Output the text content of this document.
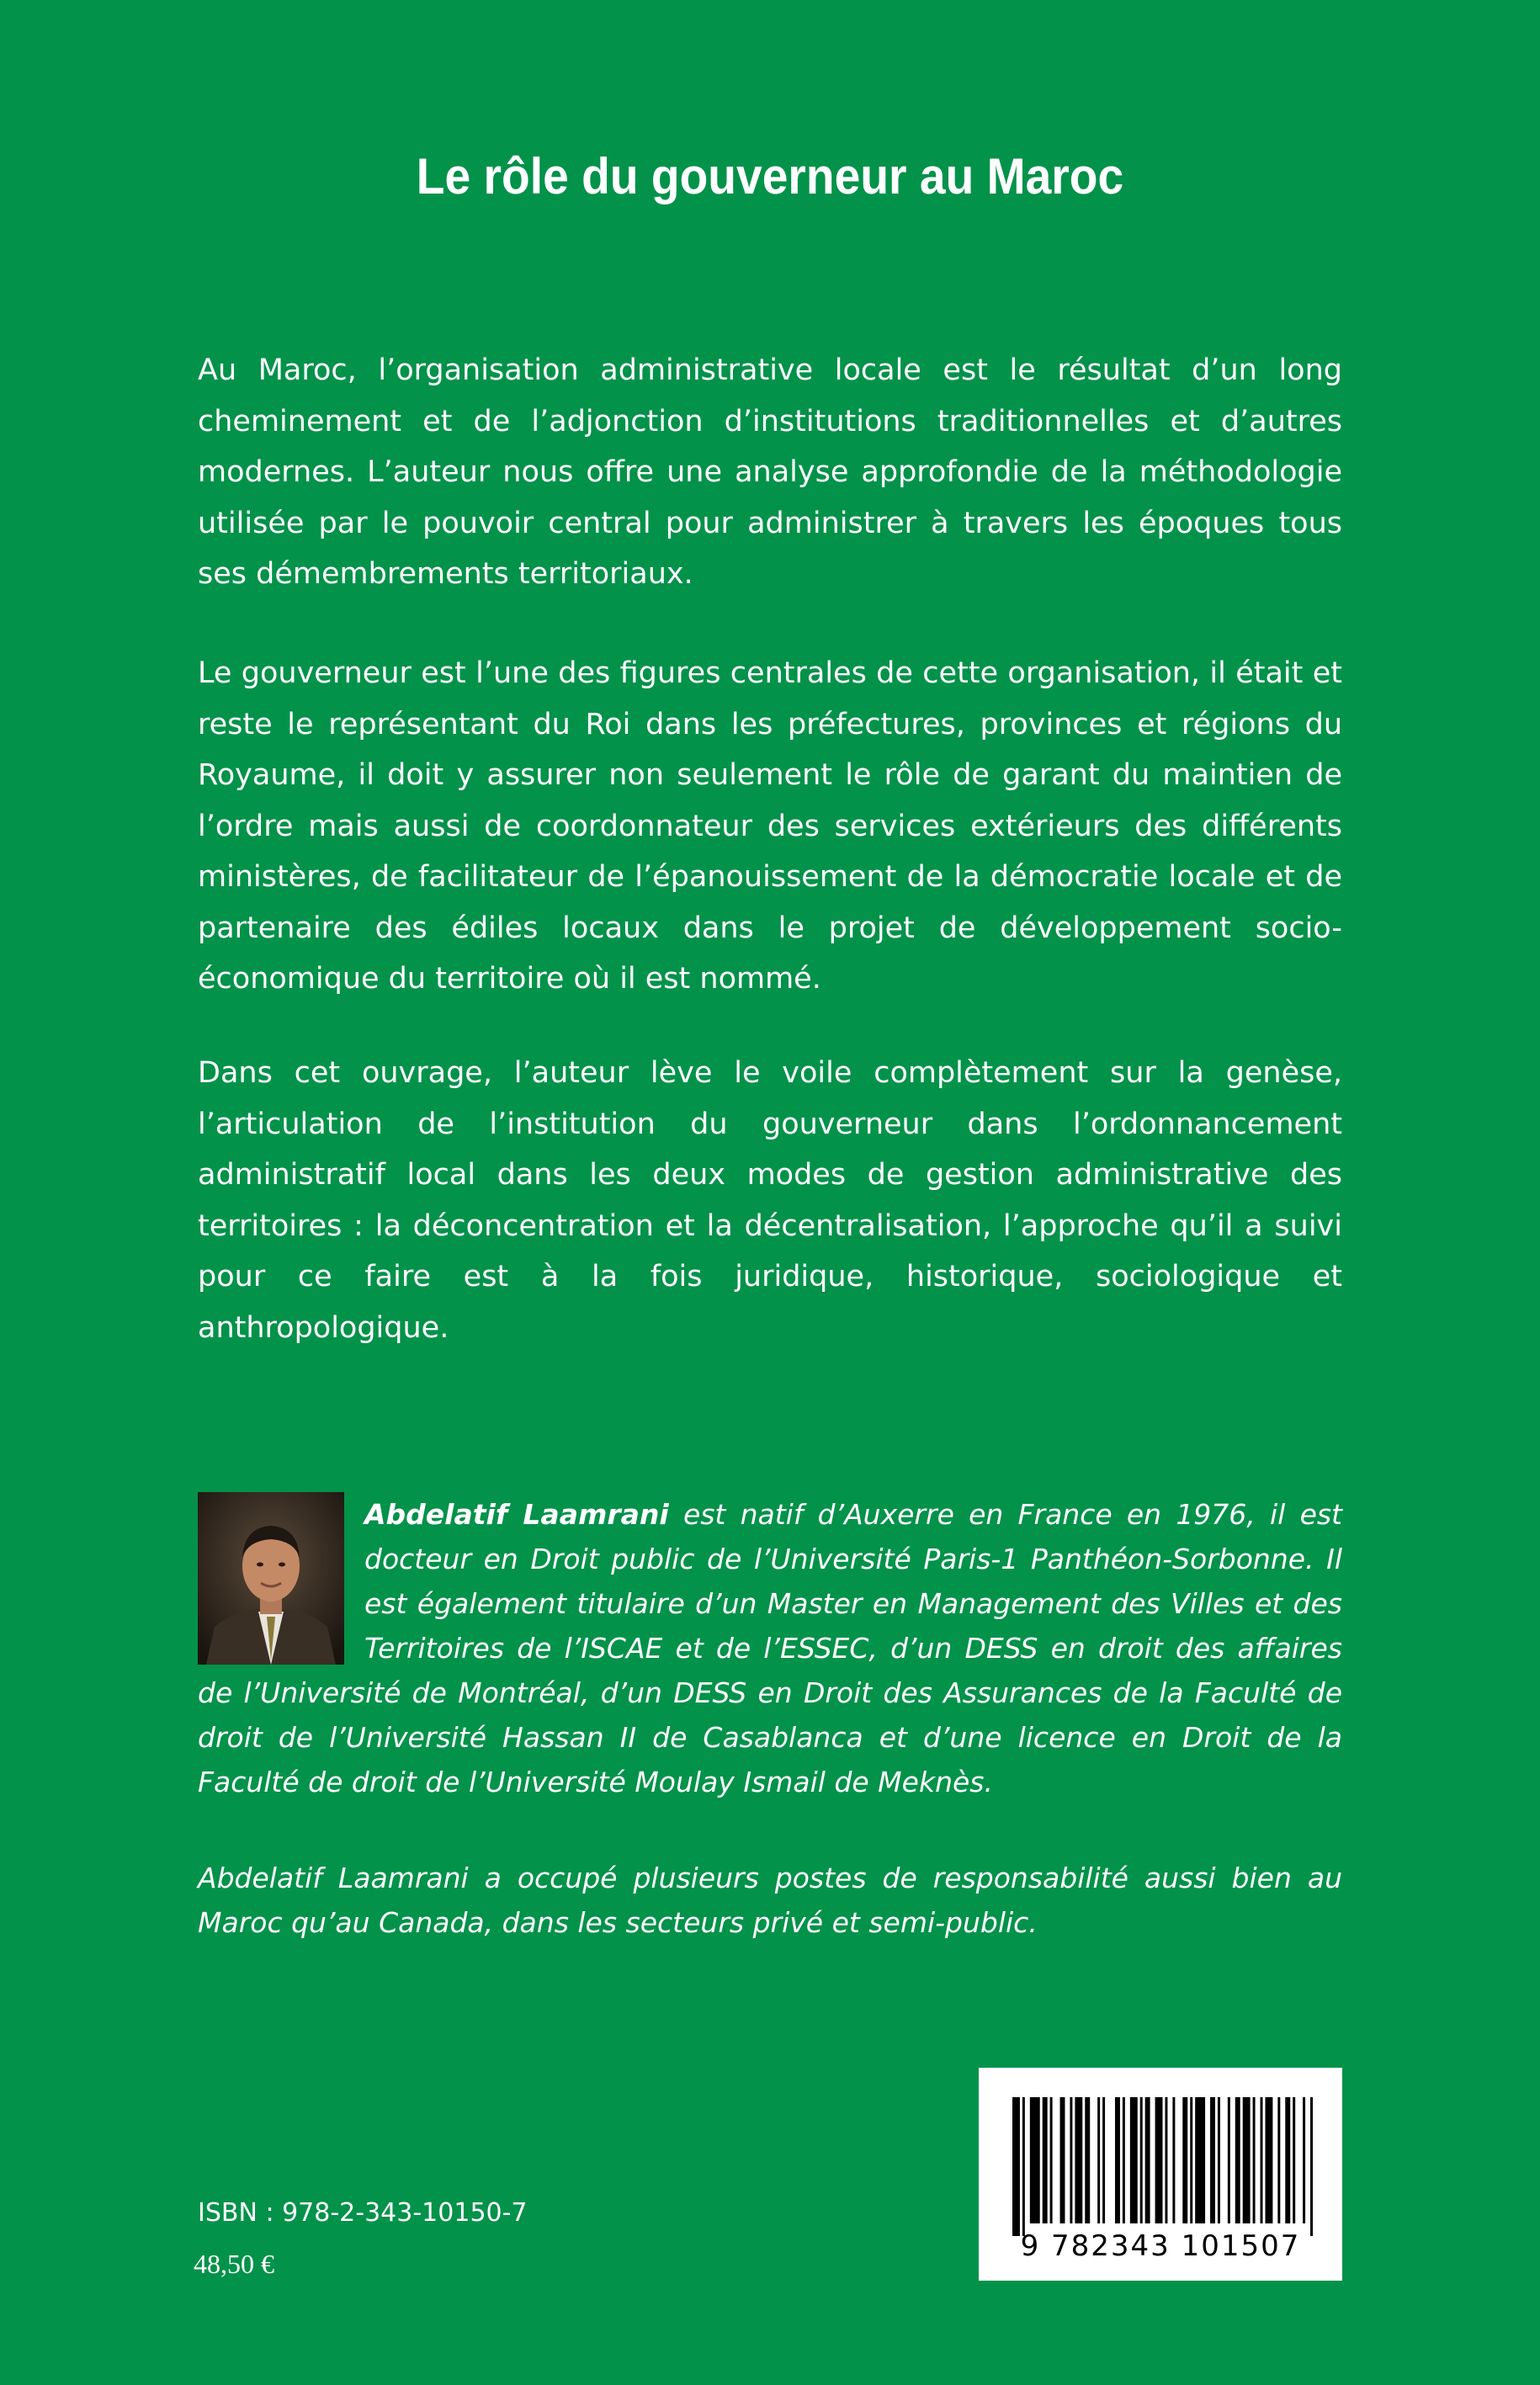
Le rôle du gouverneur au Maroc
Au Maroc, l’organisation administrative locale est le résultat d’un long cheminement et de l’adjonction d’institutions traditionnelles et d’autres modernes. L’auteur nous offre une analyse approfondie de la méthodologie utilisée par le pouvoir central pour administrer à travers les époques tous ses démembrements territoriaux.
Le gouverneur est l’une des figures centrales de cette organisation, il était et reste le représentant du Roi dans les préfectures, provinces et régions du Royaume, il doit y assurer non seulement le rôle de garant du maintien de l’ordre mais aussi de coordonnateur des services extérieurs des différents ministères, de facilitateur de l’épanouissement de la démocratie locale et de partenaire des édiles locaux dans le projet de développement socio-économique du territoire où il est nommé.
Dans cet ouvrage, l’auteur lève le voile complètement sur la genèse, l’articulation de l’institution du gouverneur dans l’ordonnancement administratif local dans les deux modes de gestion administrative des territoires : la déconcentration et la décentralisation, l’approche qu’il a suivi pour ce faire est à la fois juridique, historique, sociologique et anthropologique.
Abdelatif Laamrani est natif d’Auxerre en France en 1976, il est docteur en Droit public de l’Université Paris-1 Panthéon-Sorbonne. Il est également titulaire d’un Master en Management des Villes et des Territoires de l’ISCAE et de l’ESSEC, d’un DESS en droit des affaires de l’Université de Montréal, d’un DESS en Droit des Assurances de la Faculté de droit de l’Université Hassan II de Casablanca et d’une licence en Droit de la Faculté de droit de l’Université Moulay Ismail de Meknès.
Abdelatif Laamrani a occupé plusieurs postes de responsabilité aussi bien au Maroc qu’au Canada, dans les secteurs privé et semi-public.
ISBN : 978-2-343-10150-7
48,50 €
9 782343 101507
